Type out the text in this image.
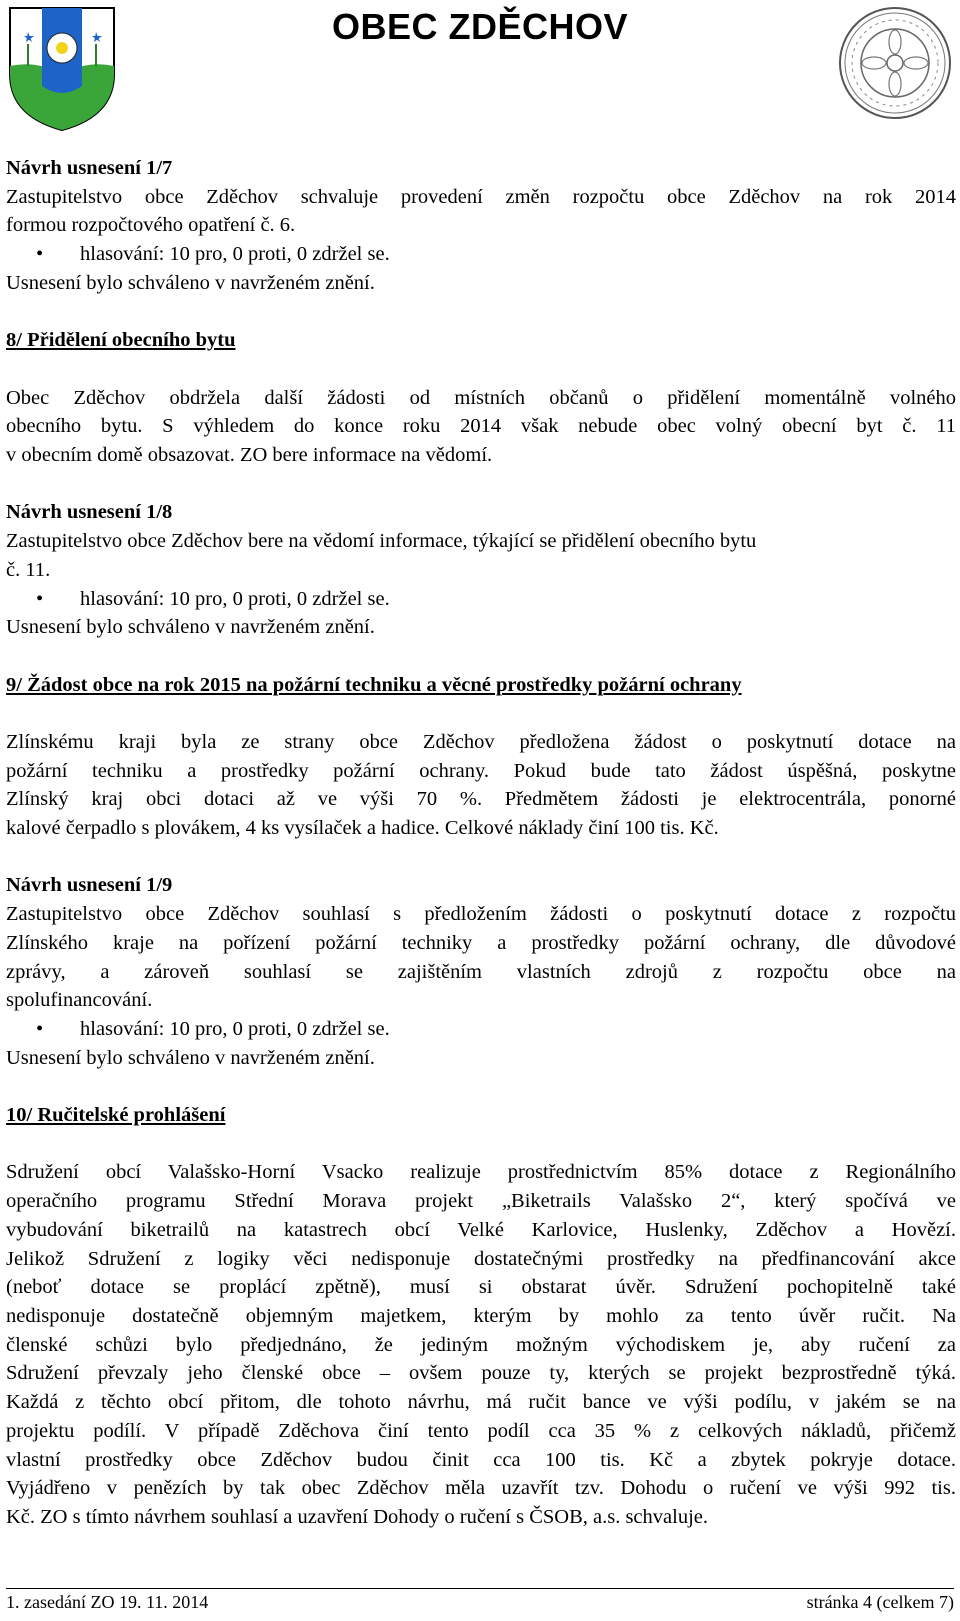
OBEC ZDĚCHOV
Návrh usnesení 1/7
Zastupitelstvo obce Zděchov schvaluje provedení změn rozpočtu obce Zděchov na rok 2014
formou rozpočtového opatření č. 6.
• hlasování: 10 pro, 0 proti, 0 zdržel se.
Usnesení bylo schváleno v navrženém znění.
8/ Přidělení obecního bytu
Obec Zděchov obdržela další žádosti od místních občanů o přidělení momentálně volného
obecního bytu. S výhledem do konce roku 2014 však nebude obec volný obecní byt č. 11
v obecním domě obsazovat. ZO bere informace na vědomí.
Návrh usnesení 1/8
Zastupitelstvo obce Zděchov bere na vědomí informace, týkající se přidělení obecního bytu
č. 11.
• hlasování: 10 pro, 0 proti, 0 zdržel se.
Usnesení bylo schváleno v navrženém znění.
9/ Žádost obce na rok 2015 na požární techniku a věcné prostředky požární ochrany
Zlínskému kraji byla ze strany obce Zděchov předložena žádost o poskytnutí dotace na
požární techniku a prostředky požární ochrany. Pokud bude tato žádost úspěšná, poskytne
Zlínský kraj obci dotaci až ve výši 70 %. Předmětem žádosti je elektrocentrála, ponorné
kalové čerpadlo s plovákem, 4 ks vysílaček a hadice. Celkové náklady činí 100 tis. Kč.
Návrh usnesení 1/9
Zastupitelstvo obce Zděchov souhlasí s předložením žádosti o poskytnutí dotace z rozpočtu
Zlínského kraje na pořízení požární techniky a prostředky požární ochrany, dle důvodové
zprávy, a zároveň souhlasí se zajištěním vlastních zdrojů z rozpočtu obce na
spolufinancování.
• hlasování: 10 pro, 0 proti, 0 zdržel se.
Usnesení bylo schváleno v navrženém znění.
10/ Ručitelské prohlášení
Sdružení obcí Valašsko-Horní Vsacko realizuje prostřednictvím 85% dotace z Regionálního
operačního programu Střední Morava projekt „Biketrails Valašsko 2“, který spočívá ve
vybudování biketrailů na katastrech obcí Velké Karlovice, Huslenky, Zděchov a Hovězí.
Jelikož Sdružení z logiky věci nedisponuje dostatečnými prostředky na předfinancování akce
(neboť dotace se proplácí zpětně), musí si obstarat úvěr. Sdružení pochopitelně také
nedisponuje dostatečně objemným majetkem, kterým by mohlo za tento úvěr ručit. Na
členské schůzi bylo předjednáno, že jediným možným východiskem je, aby ručení za
Sdružení převzaly jeho členské obce – ovšem pouze ty, kterých se projekt bezprostředně týká.
Každá z těchto obcí přitom, dle tohoto návrhu, má ručit bance ve výši podílu, v jakém se na
projektu podílí. V případě Zděchova činí tento podíl cca 35 % z celkových nákladů, přičemž
vlastní prostředky obce Zděchov budou činit cca 100 tis. Kč a zbytek pokryje dotace.
Vyjádřeno v penězích by tak obec Zděchov měla uzavřít tzv. Dohodu o ručení ve výši 992 tis.
Kč. ZO s tímto návrhem souhlasí a uzavření Dohody o ručení s ČSOB, a.s. schvaluje.
1. zasedání ZO 19. 11. 2014	stránka 4 (celkem 7)
